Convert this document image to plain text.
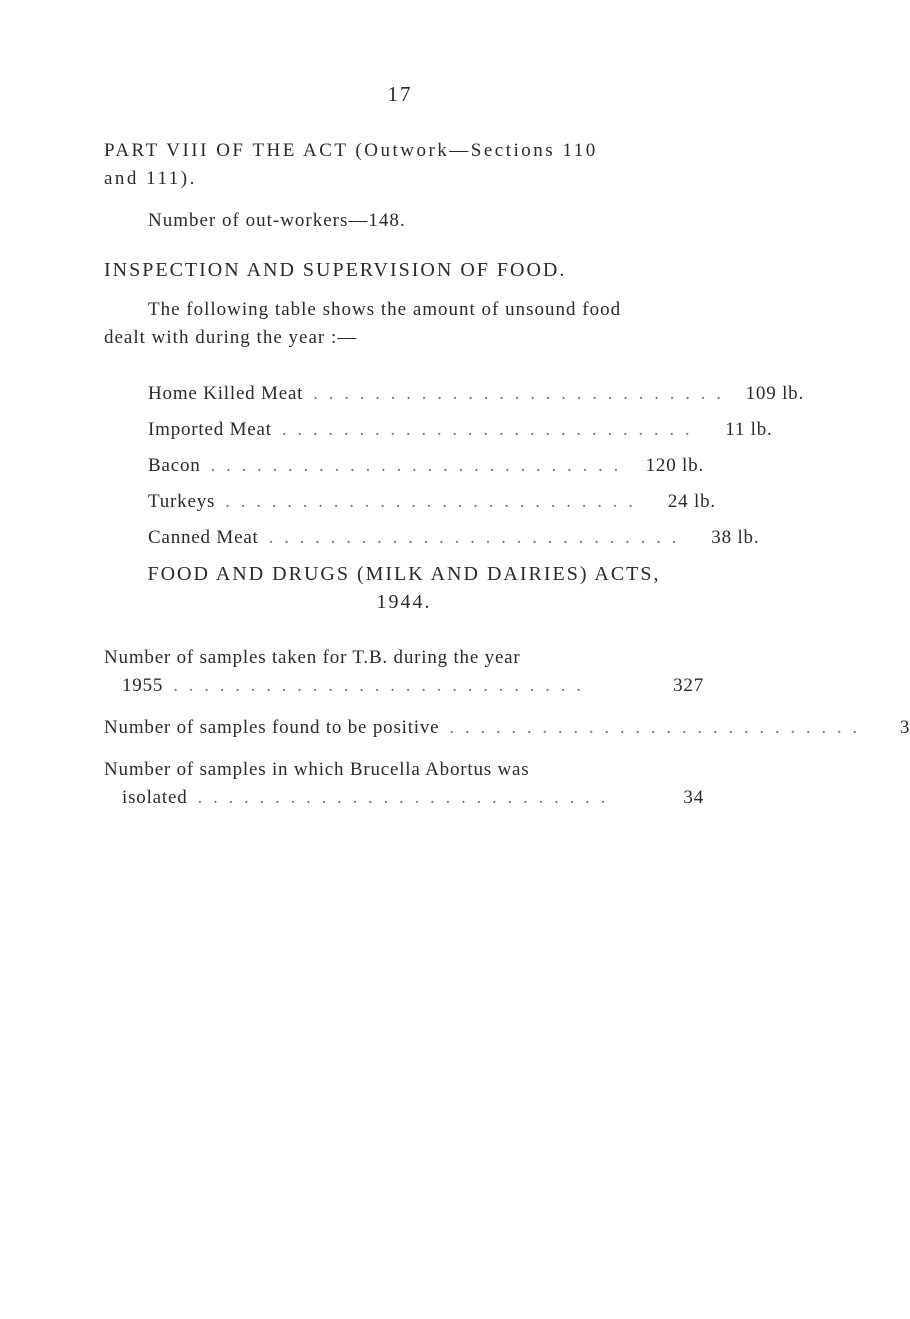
17
PART VIII OF THE ACT (Outwork—Sections 110
and 111).
Number of out-workers—148.
INSPECTION AND SUPERVISION OF FOOD.
The following table shows the amount of unsound food
dealt with during the year :—
Home Killed Meat . . . . . . . . . . . . . . . . . . . . . . . . . . .	109 lb.
Imported Meat . . . . . . . . . . . . . . . . . . . . . . . . . . .	11 lb.
Bacon . . . . . . . . . . . . . . . . . . . . . . . . . . .	120 lb.
Turkeys . . . . . . . . . . . . . . . . . . . . . . . . . . .	24 lb.
Canned Meat . . . . . . . . . . . . . . . . . . . . . . . . . . .	38 lb.
FOOD AND DRUGS (MILK AND DAIRIES) ACTS,
1944.
Number of samples taken for T.B. during the year
1955 . . . . . . . . . . . . . . . . . . . . . . . . . . .	327
Number of samples found to be positive . . . . . . . . . . . . . . . . . . . . . . . . . . .	3
Number of samples in which Brucella Abortus was
isolated . . . . . . . . . . . . . . . . . . . . . . . . . . .	34
